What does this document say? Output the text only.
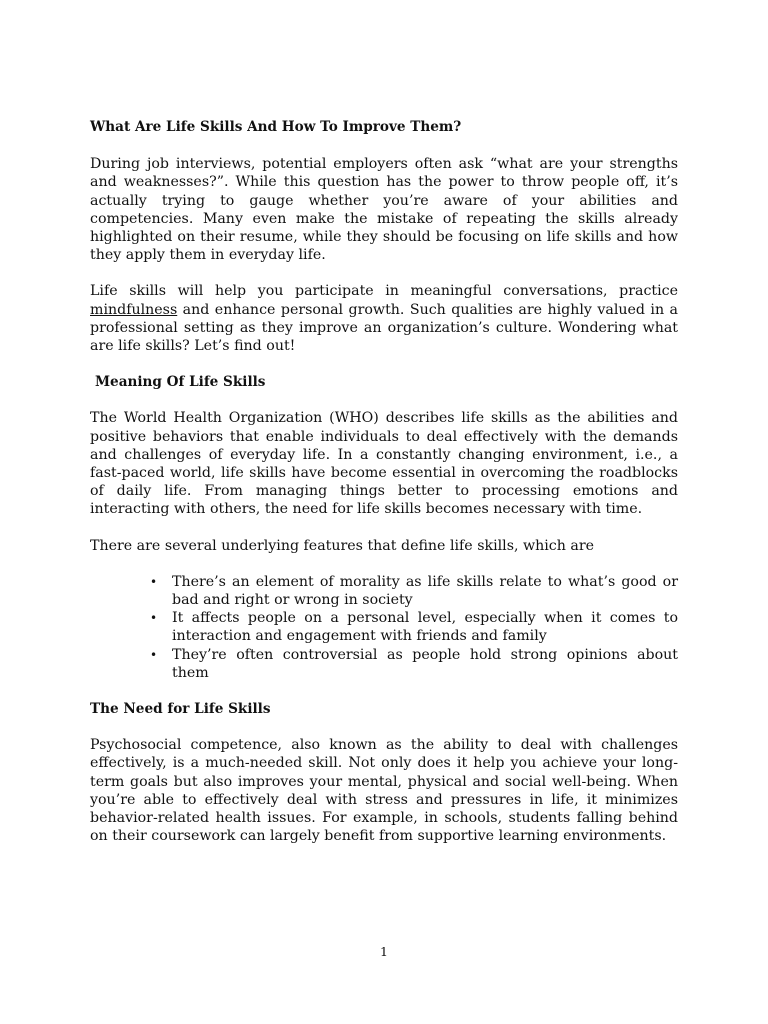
What Are Life Skills And How To Improve Them?

During job interviews, potential employers often ask “what are your strengths and weaknesses?”. While this question has the power to throw people off, it’s actually trying to gauge whether you’re aware of your abilities and competencies. Many even make the mistake of repeating the skills already highlighted on their resume, while they should be focusing on life skills and how they apply them in everyday life.

Life skills will help you participate in meaningful conversations, practice mindfulness and enhance personal growth. Such qualities are highly valued in a professional setting as they improve an organization’s culture. Wondering what are life skills? Let’s find out!

Meaning Of Life Skills

The World Health Organization (WHO) describes life skills as the abilities and positive behaviors that enable individuals to deal effectively with the demands and challenges of everyday life. In a constantly changing environment, i.e., a fast-paced world, life skills have become essential in overcoming the roadblocks of daily life. From managing things better to processing emotions and interacting with others, the need for life skills becomes necessary with time.

There are several underlying features that define life skills, which are

• There’s an element of morality as life skills relate to what’s good or bad and right or wrong in society
• It affects people on a personal level, especially when it comes to interaction and engagement with friends and family
• They’re often controversial as people hold strong opinions about them

The Need for Life Skills

Psychosocial competence, also known as the ability to deal with challenges effectively, is a much-needed skill. Not only does it help you achieve your long-term goals but also improves your mental, physical and social well-being. When you’re able to effectively deal with stress and pressures in life, it minimizes behavior-related health issues. For example, in schools, students falling behind on their coursework can largely benefit from supportive learning environments.

1
